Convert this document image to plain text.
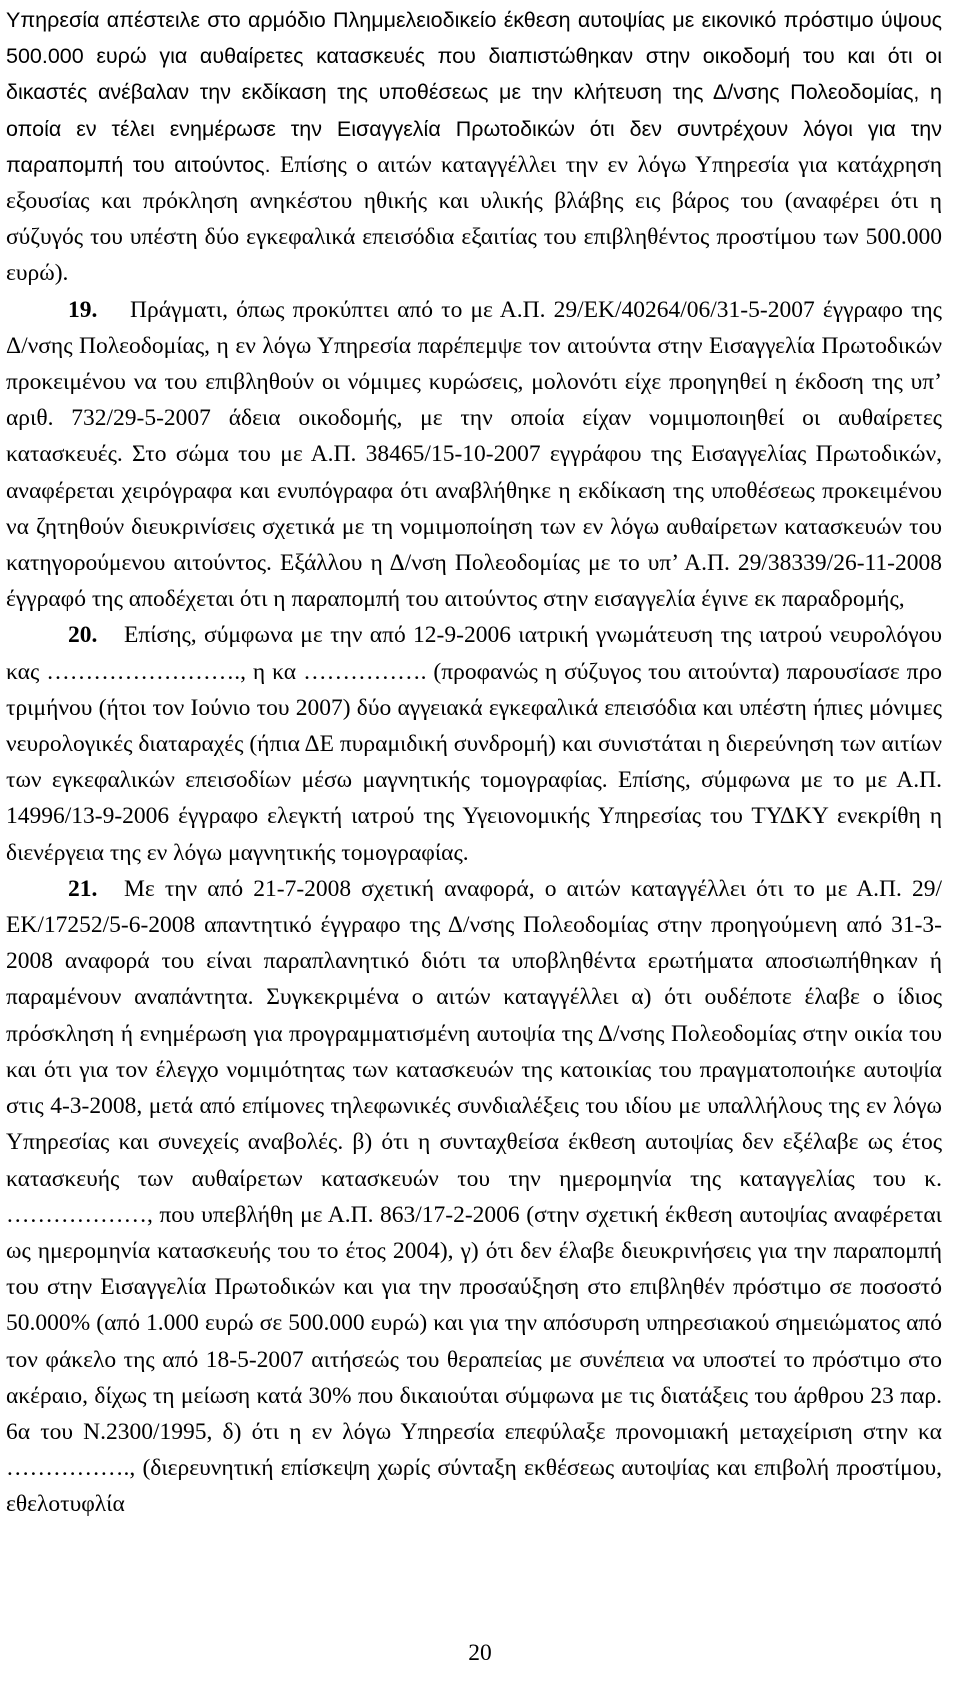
Υπηρεσία απέστειλε στο αρμόδιο Πλημμελειοδικείο έκθεση αυτοψίας με εικονικό πρόστιμο ύψους 500.000 ευρώ για αυθαίρετες κατασκευές που διαπιστώθηκαν στην οικοδομή του και ότι οι δικαστές ανέβαλαν την εκδίκαση της υποθέσεως με την κλήτευση της Δ/νσης Πολεοδομίας, η οποία εν τέλει ενημέρωσε την Εισαγγελία Πρωτοδικών ότι δεν συντρέχουν λόγοι για την παραπομπή του αιτούντος. Επίσης ο αιτών καταγγέλλει την εν λόγω Υπηρεσία για κατάχρηση εξουσίας και πρόκληση ανηκέστου ηθικής και υλικής βλάβης εις βάρος του (αναφέρει ότι η σύζυγός του υπέστη δύο εγκεφαλικά επεισόδια εξαιτίας του επιβληθέντος προστίμου των 500.000 ευρώ).

19. Πράγματι, όπως προκύπτει από το με Α.Π. 29/ΕΚ/40264/06/31-5-2007 έγγραφο της Δ/νσης Πολεοδομίας, η εν λόγω Υπηρεσία παρέπεμψε τον αιτούντα στην Εισαγγελία Πρωτοδικών προκειμένου να του επιβληθούν οι νόμιμες κυρώσεις, μολονότι είχε προηγηθεί η έκδοση της υπ’ αριθ. 732/29-5-2007 άδεια οικοδομής, με την οποία είχαν νομιμοποιηθεί οι αυθαίρετες κατασκευές. Στο σώμα του με Α.Π. 38465/15-10-2007 εγγράφου της Εισαγγελίας Πρωτοδικών, αναφέρεται χειρόγραφα και ενυπόγραφα ότι αναβλήθηκε η εκδίκαση της υποθέσεως προκειμένου να ζητηθούν διευκρινίσεις σχετικά με τη νομιμοποίηση των εν λόγω αυθαίρετων κατασκευών του κατηγορούμενου αιτούντος. Εξάλλου η Δ/νση Πολεοδομίας με το υπ’ Α.Π. 29/38339/26-11-2008 έγγραφό της αποδέχεται ότι η παραπομπή του αιτούντος στην εισαγγελία έγινε εκ παραδρομής,

20. Επίσης, σύμφωνα με την από 12-9-2006 ιατρική γνωμάτευση της ιατρού νευρολόγου κας ……………………., η κα ……………. (προφανώς η σύζυγος του αιτούντα) παρουσίασε προ τριμήνου (ήτοι τον Ιούνιο του 2007) δύο αγγειακά εγκεφαλικά επεισόδια και υπέστη ήπιες μόνιμες νευρολογικές διαταραχές (ήπια ΔΕ πυραμιδική συνδρομή) και συνιστάται η διερεύνηση των αιτίων των εγκεφαλικών επεισοδίων μέσω μαγνητικής τομογραφίας. Επίσης, σύμφωνα με το με Α.Π. 14996/13-9-2006 έγγραφο ελεγκτή ιατρού της Υγειονομικής Υπηρεσίας του ΤΥΔΚΥ ενεκρίθη η διενέργεια της εν λόγω μαγνητικής τομογραφίας.

21. Με την από 21-7-2008 σχετική αναφορά, ο αιτών καταγγέλλει ότι το με Α.Π. 29/ΕΚ/17252/5-6-2008 απαντητικό έγγραφο της Δ/νσης Πολεοδομίας στην προηγούμενη από 31-3-2008 αναφορά του είναι παραπλανητικό διότι τα υποβληθέντα ερωτήματα αποσιωπήθηκαν ή παραμένουν αναπάντητα. Συγκεκριμένα ο αιτών καταγγέλλει α) ότι ουδέποτε έλαβε ο ίδιος πρόσκληση ή ενημέρωση για προγραμματισμένη αυτοψία της Δ/νσης Πολεοδομίας στην οικία του και ότι για τον έλεγχο νομιμότητας των κατασκευών της κατοικίας του πραγματοποιήκε αυτοψία στις 4-3-2008, μετά από επίμονες τηλεφωνικές συνδιαλέξεις του ιδίου με υπαλλήλους της εν λόγω Υπηρεσίας και συνεχείς αναβολές. β) ότι η συνταχθείσα έκθεση αυτοψίας δεν εξέλαβε ως έτος κατασκευής των αυθαίρετων κατασκευών του την ημερομηνία της καταγγελίας του κ. ………………, που υπεβλήθη με Α.Π. 863/17-2-2006 (στην σχετική έκθεση αυτοψίας αναφέρεται ως ημερομηνία κατασκευής του το έτος 2004), γ) ότι δεν έλαβε διευκρινήσεις για την παραπομπή του στην Εισαγγελία Πρωτοδικών και για την προσαύξηση στο επιβληθέν πρόστιμο σε ποσοστό 50.000% (από 1.000 ευρώ σε 500.000 ευρώ) και για την απόσυρση υπηρεσιακού σημειώματος από τον φάκελο της από 18-5-2007 αιτήσεώς του θεραπείας με συνέπεια να υποστεί το πρόστιμο στο ακέραιο, δίχως τη μείωση κατά 30% που δικαιούται σύμφωνα με τις διατάξεις του άρθρου 23 παρ. 6α του Ν.2300/1995, δ) ότι η εν λόγω Υπηρεσία επεφύλαξε προνομιακή μεταχείριση στην κα ……………., (διερευνητική επίσκεψη χωρίς σύνταξη εκθέσεως αυτοψίας και επιβολή προστίμου, εθελοτυφλία

20
